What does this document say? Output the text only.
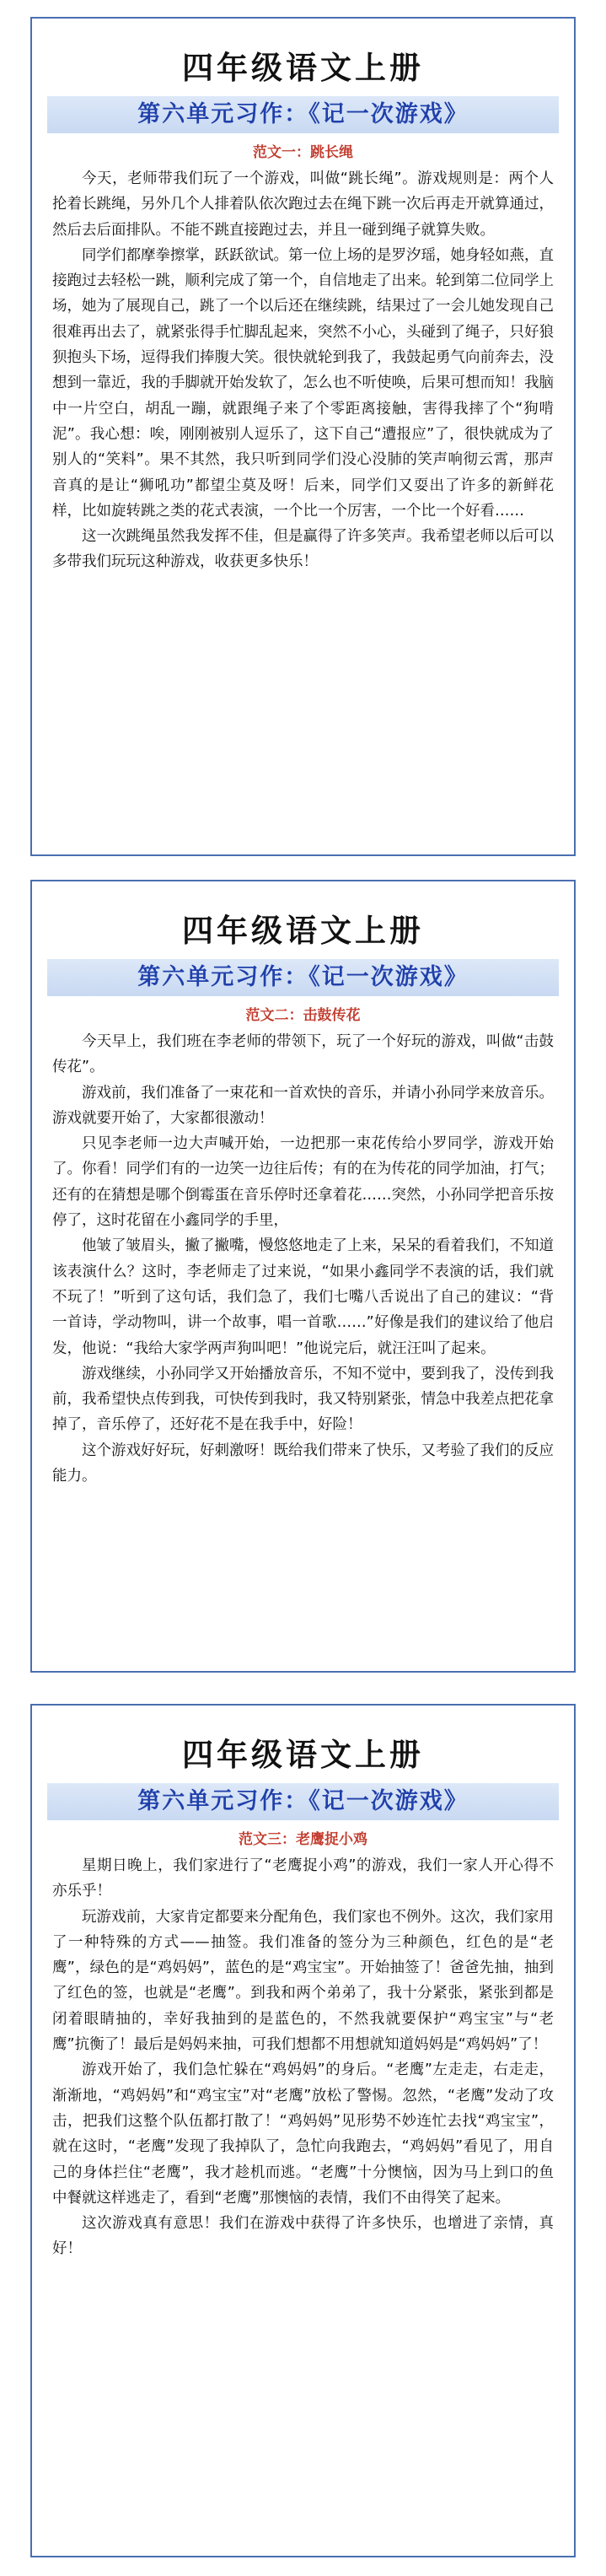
四年级语文上册
第六单元习作：《记一次游戏》
范文一：跳长绳

今天，老师带我们玩了一个游戏，叫做“跳长绳”。游戏规则是：两个人抡着长跳绳，另外几个人排着队依次跑过去在绳下跳一次后再走开就算通过，然后去后面排队。不能不跳直接跑过去，并且一碰到绳子就算失败。

同学们都摩拳擦掌，跃跃欲试。第一位上场的是罗汐瑶，她身轻如燕，直接跑过去轻松一跳，顺利完成了第一个，自信地走了出来。轮到第二位同学上场，她为了展现自己，跳了一个以后还在继续跳，结果过了一会儿她发现自己很难再出去了，就紧张得手忙脚乱起来，突然不小心，头碰到了绳子，只好狼狈抱头下场，逗得我们捧腹大笑。很快就轮到我了，我鼓起勇气向前奔去，没想到一靠近，我的手脚就开始发软了，怎么也不听使唤，后果可想而知！我脑中一片空白，胡乱一蹦，就跟绳子来了个零距离接触，害得我摔了个“狗啃泥”。我心想：唉，刚刚被别人逗乐了，这下自己“遭报应”了，很快就成为了别人的“笑料”。果不其然，我只听到同学们没心没肺的笑声响彻云霄，那声音真的是让“狮吼功”都望尘莫及呀！后来，同学们又耍出了许多的新鲜花样，比如旋转跳之类的花式表演，一个比一个厉害，一个比一个好看……

这一次跳绳虽然我发挥不佳，但是赢得了许多笑声。我希望老师以后可以多带我们玩玩这种游戏，收获更多快乐！

四年级语文上册
第六单元习作：《记一次游戏》
范文二：击鼓传花

今天早上，我们班在李老师的带领下，玩了一个好玩的游戏，叫做“击鼓传花”。

游戏前，我们准备了一束花和一首欢快的音乐，并请小孙同学来放音乐。游戏就要开始了，大家都很激动！

只见李老师一边大声喊开始，一边把那一束花传给小罗同学，游戏开始了。你看！同学们有的一边笑一边往后传；有的在为传花的同学加油，打气；还有的在猜想是哪个倒霉蛋在音乐停时还拿着花……突然，小孙同学把音乐按停了，这时花留在小鑫同学的手里，

他皱了皱眉头，撇了撇嘴，慢悠悠地走了上来，呆呆的看着我们，不知道该表演什么？这时，李老师走了过来说，“如果小鑫同学不表演的话，我们就不玩了！”听到了这句话，我们急了，我们七嘴八舌说出了自己的建议：“背一首诗，学动物叫，讲一个故事，唱一首歌……”好像是我们的建议给了他启发，他说：“我给大家学两声狗叫吧！”他说完后，就汪汪叫了起来。

游戏继续，小孙同学又开始播放音乐，不知不觉中，要到我了，没传到我前，我希望快点传到我，可快传到我时，我又特别紧张，情急中我差点把花拿掉了，音乐停了，还好花不是在我手中，好险！

这个游戏好好玩，好刺激呀！既给我们带来了快乐，又考验了我们的反应能力。

四年级语文上册
第六单元习作：《记一次游戏》
范文三：老鹰捉小鸡

星期日晚上，我们家进行了“老鹰捉小鸡”的游戏，我们一家人开心得不亦乐乎！

玩游戏前，大家肯定都要来分配角色，我们家也不例外。这次，我们家用了一种特殊的方式——抽签。我们准备的签分为三种颜色，红色的是“老鹰”，绿色的是“鸡妈妈”，蓝色的是“鸡宝宝”。开始抽签了！爸爸先抽，抽到了红色的签，也就是“老鹰”。到我和两个弟弟了，我十分紧张，紧张到都是闭着眼睛抽的，幸好我抽到的是蓝色的，不然我就要保护“鸡宝宝”与“老鹰”抗衡了！最后是妈妈来抽，可我们想都不用想就知道妈妈是“鸡妈妈”了！

游戏开始了，我们急忙躲在“鸡妈妈”的身后。“老鹰”左走走，右走走，渐渐地，“鸡妈妈”和“鸡宝宝”对“老鹰”放松了警惕。忽然，“老鹰”发动了攻击，把我们这整个队伍都打散了！“鸡妈妈”见形势不妙连忙去找“鸡宝宝”，就在这时，“老鹰”发现了我掉队了，急忙向我跑去，“鸡妈妈”看见了，用自己的身体拦住“老鹰”，我才趁机而逃。“老鹰”十分懊恼，因为马上到口的鱼中餐就这样逃走了，看到“老鹰”那懊恼的表情，我们不由得笑了起来。

这次游戏真有意思！我们在游戏中获得了许多快乐，也增进了亲情，真好！
